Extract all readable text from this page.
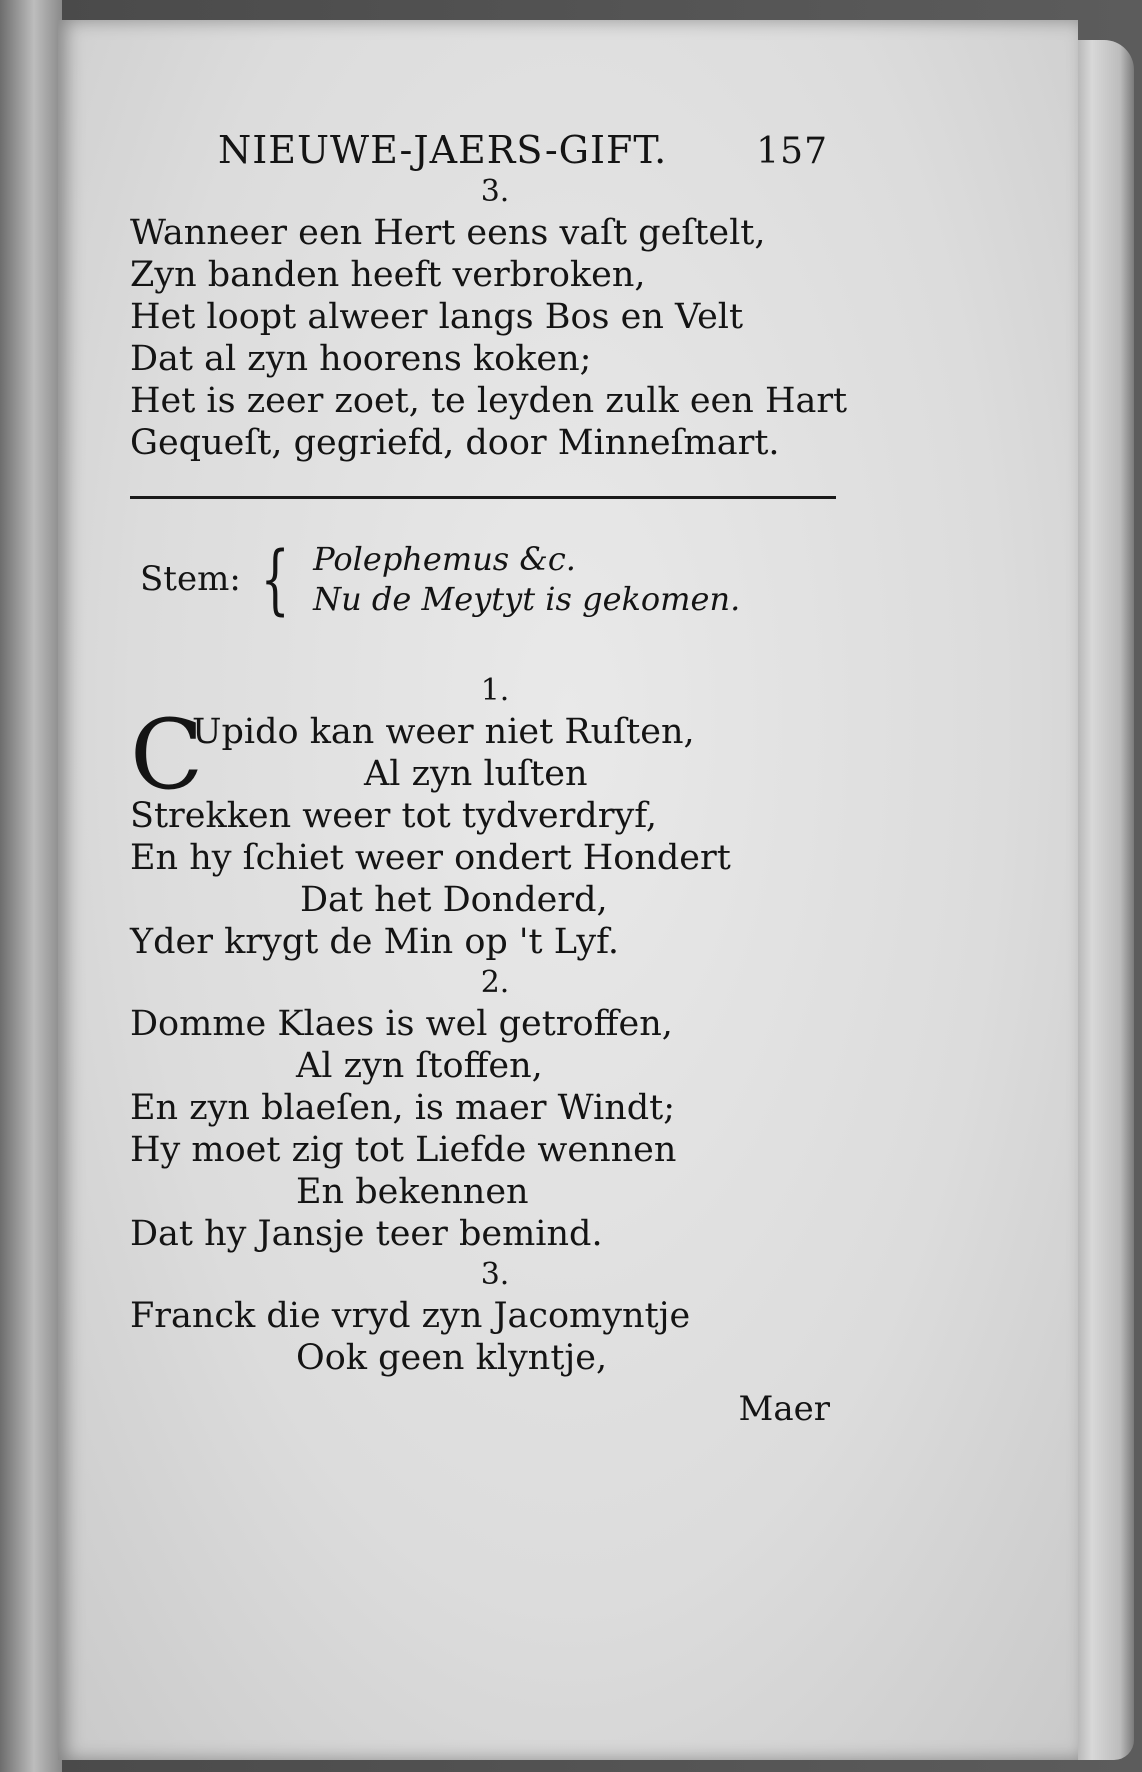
NIEUWE-JAERS-GIFT. 157
3.
Wanneer een Hert eens vaſt geſtelt,
Zyn banden heeft verbroken,
Het loopt alweer langs Bos en Velt
Dat al zyn hoorens koken;
Het is zeer zoet, te leyden zulk een Hart
Gequeſt, gegriefd, door Minneſmart.
Stem: { Polephemus &c.
Nu de Meytyt is gekomen.
1.
C
Upido kan weer niet Ruſten,
Al zyn luſten
Strekken weer tot tydverdryf,
En hy ſchiet weer ondert Hondert
Dat het Donderd,
Yder krygt de Min op 't Lyf.
2.
Domme Klaes is wel getroffen,
Al zyn ſtoffen,
En zyn blaeſen, is maer Windt;
Hy moet zig tot Liefde wennen
En bekennen
Dat hy Jansje teer bemind.
3.
Franck die vryd zyn Jacomyntje
Ook geen klyntje,
Maer
